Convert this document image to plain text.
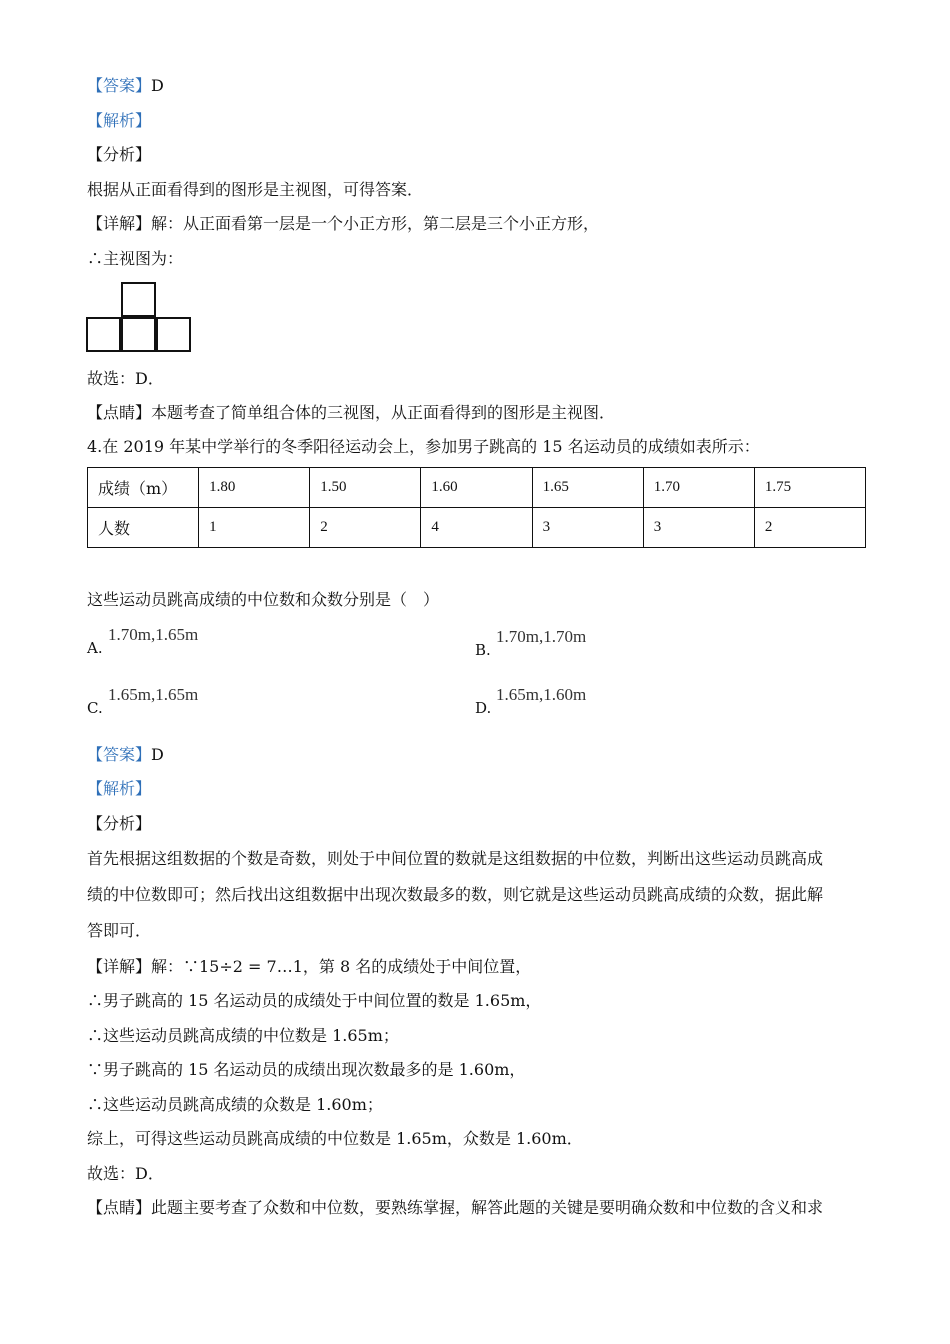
【答案】D
【解析】
【分析】
根据从正面看得到的图形是主视图，可得答案．
【详解】解：从正面看第一层是一个小正方形，第二层是三个小正方形，
∴主视图为：
故选：D．
【点睛】本题考查了简单组合体的三视图，从正面看得到的图形是主视图．
4.在 2019 年某中学举行的冬季阳径运动会上，参加男子跳高的 15 名运动员的成绩如表所示：
成绩（m）	1.80	1.50	1.60	1.65	1.70	1.75
人数	1	2	4	3	3	2
这些运动员跳高成绩的中位数和众数分别是（　）
A.
1.70m,1.65m
B.
1.70m,1.70m
C.
1.65m,1.65m
D.
1.65m,1.60m
【答案】D
【解析】
【分析】
首先根据这组数据的个数是奇数，则处于中间位置的数就是这组数据的中位数，判断出这些运动员跳高成
绩的中位数即可；然后找出这组数据中出现次数最多的数，则它就是这些运动员跳高成绩的众数，据此解
答即可．
【详解】解：∵15÷2 = 7…1，第 8 名的成绩处于中间位置，
∴男子跳高的 15 名运动员的成绩处于中间位置的数是 1.65m，
∴这些运动员跳高成绩的中位数是 1.65m；
∵男子跳高的 15 名运动员的成绩出现次数最多的是 1.60m，
∴这些运动员跳高成绩的众数是 1.60m；
综上，可得这些运动员跳高成绩的中位数是 1.65m，众数是 1.60m．
故选：D．
【点睛】此题主要考查了众数和中位数，要熟练掌握，解答此题的关键是要明确众数和中位数的含义和求
